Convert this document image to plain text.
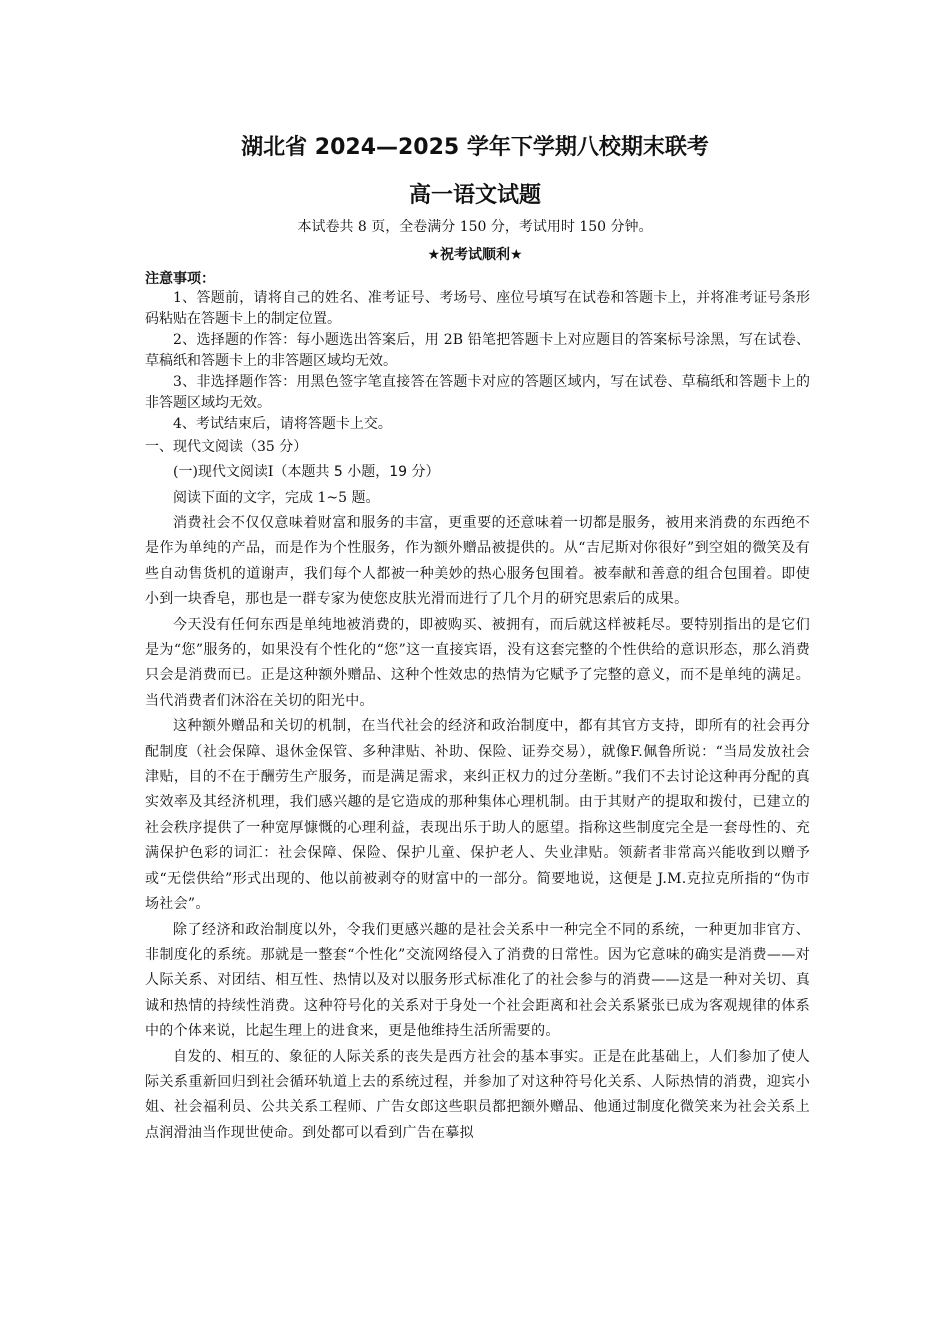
湖北省 2024—2025 学年下学期八校期末联考
高一语文试题
本试卷共 8 页，全卷满分 150 分，考试用时 150 分钟。
★祝考试顺利★
注意事项：

1、答题前，请将自己的姓名、准考证号、考场号、座位号填写在试卷和答题卡上，并将准考证号条形码粘贴在答题卡上的制定位置。

2、选择题的作答：每小题选出答案后，用 2B 铅笔把答题卡上对应题目的答案标号涂黑，写在试卷、草稿纸和答题卡上的非答题区域均无效。

3、非选择题作答：用黑色签字笔直接答在答题卡对应的答题区域内，写在试卷、草稿纸和答题卡上的非答题区域均无效。

4、考试结束后，请将答题卡上交。

一、现代文阅读（35 分）

(一)现代文阅读Ⅰ（本题共 5 小题，19 分）

阅读下面的文字，完成 1~5 题。

消费社会不仅仅意味着财富和服务的丰富，更重要的还意味着一切都是服务，被用来消费的东西绝不是作为单纯的产品，而是作为个性服务，作为额外赠品被提供的。从“吉尼斯对你很好”到空姐的微笑及有些自动售货机的道谢声，我们每个人都被一种美妙的热心服务包围着。被奉献和善意的组合包围着。即使小到一块香皂，那也是一群专家为使您皮肤光滑而进行了几个月的研究思索后的成果。

今天没有任何东西是单纯地被消费的，即被购买、被拥有，而后就这样被耗尽。要特别指出的是它们是为“您”服务的，如果没有个性化的“您”这一直接宾语，没有这套完整的个性供给的意识形态，那么消费只会是消费而已。正是这种额外赠品、这种个性效忠的热情为它赋予了完整的意义，而不是单纯的满足。当代消费者们沐浴在关切的阳光中。

这种额外赠品和关切的机制，在当代社会的经济和政治制度中，都有其官方支持，即所有的社会再分配制度（社会保障、退休金保管、多种津贴、补助、保险、证券交易），就像F.佩鲁所说：“当局发放社会津贴，目的不在于酬劳生产服务，而是满足需求，来纠正权力的过分垄断。”我们不去讨论这种再分配的真实效率及其经济机理，我们感兴趣的是它造成的那种集体心理机制。由于其财产的提取和拨付，已建立的社会秩序提供了一种宽厚慷慨的心理利益，表现出乐于助人的愿望。指称这些制度完全是一套母性的、充满保护色彩的词汇：社会保障、保险、保护儿童、保护老人、失业津贴。领薪者非常高兴能收到以赠予或“无偿供给”形式出现的、他以前被剥夺的财富中的一部分。简要地说，这便是 J.M.克拉克所指的“伪市场社会”。

除了经济和政治制度以外，令我们更感兴趣的是社会关系中一种完全不同的系统，一种更加非官方、非制度化的系统。那就是一整套“个性化”交流网络侵入了消费的日常性。因为它意味的确实是消费——对人际关系、对团结、相互性、热情以及对以服务形式标准化了的社会参与的消费——这是一种对关切、真诚和热情的持续性消费。这种符号化的关系对于身处一个社会距离和社会关系紧张已成为客观规律的体系中的个体来说，比起生理上的进食来，更是他维持生活所需要的。

自发的、相互的、象征的人际关系的丧失是西方社会的基本事实。正是在此基础上，人们参加了使人际关系重新回归到社会循环轨道上去的系统过程，并参加了对这种符号化关系、人际热情的消费，迎宾小姐、社会福利员、公共关系工程师、广告女郎这些职员都把额外赠品、他通过制度化微笑来为社会关系上点润滑油当作现世使命。到处都可以看到广告在摹拟
